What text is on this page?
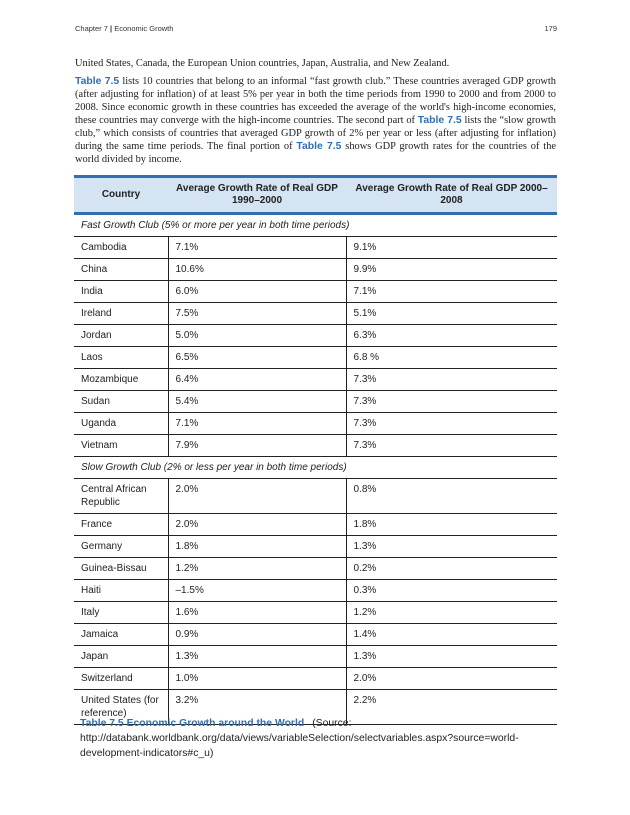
Chapter 7 | Economic Growth	179

United States, Canada, the European Union countries, Japan, Australia, and New Zealand.

Table 7.5 lists 10 countries that belong to an informal “fast growth club.” These countries averaged GDP growth (after adjusting for inflation) of at least 5% per year in both the time periods from 1990 to 2000 and from 2000 to 2008. Since economic growth in these countries has exceeded the average of the world's high-income economies, these countries may converge with the high-income countries. The second part of Table 7.5 lists the “slow growth club,” which consists of countries that averaged GDP growth of 2% per year or less (after adjusting for inflation) during the same time periods. The final portion of Table 7.5 shows GDP growth rates for the countries of the world divided by income.

Country	Average Growth Rate of Real GDP 1990–2000	Average Growth Rate of Real GDP 2000–2008
Fast Growth Club (5% or more per year in both time periods)		
Cambodia	7.1%	9.1%
China	10.6%	9.9%
India	6.0%	7.1%
Ireland	7.5%	5.1%
Jordan	5.0%	6.3%
Laos	6.5%	6.8 %
Mozambique	6.4%	7.3%
Sudan	5.4%	7.3%
Uganda	7.1%	7.3%
Vietnam	7.9%	7.3%
Slow Growth Club (2% or less per year in both time periods)		
Central African Republic	2.0%	0.8%
France	2.0%	1.8%
Germany	1.8%	1.3%
Guinea-Bissau	1.2%	0.2%
Haiti	–1.5%	0.3%
Italy	1.6%	1.2%
Jamaica	0.9%	1.4%
Japan	1.3%	1.3%
Switzerland	1.0%	2.0%
United States (for reference)	3.2%	2.2%
Table 7.5 Economic Growth around the World (Source: http://databank.worldbank.org/data/views/variableSelection/selectvariables.aspx?source=world-development-indicators#c_u)
